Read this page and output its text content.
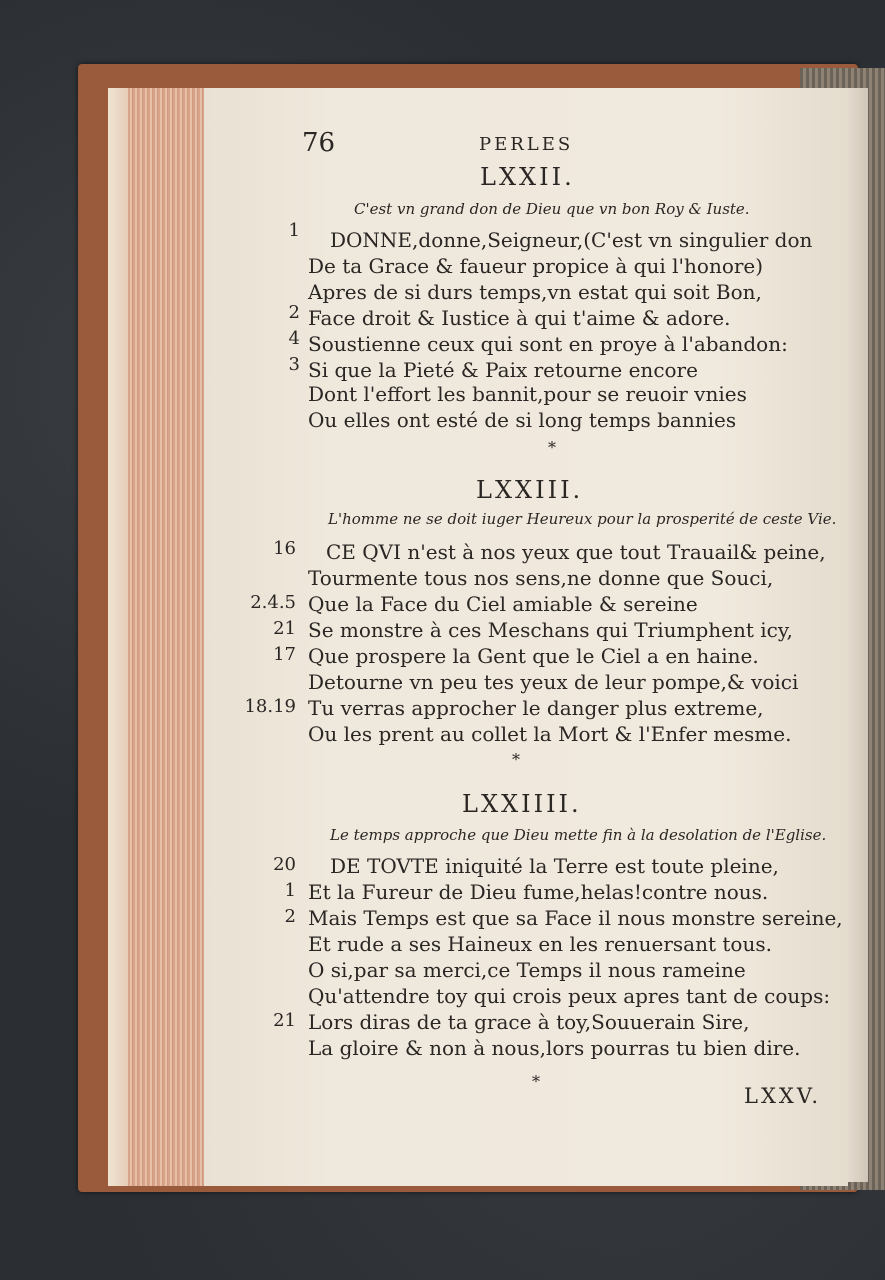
76	PERLES
LXXII.
C'est vn grand don de Dieu que vn bon Roy & Iuste.
1 DONNE,donne,Seigneur,(C'est vn singulier don
De ta Grace & faueur propice à qui l'honore)
Apres de si durs temps,vn estat qui soit Bon,
2 Face droit & Iustice à qui t'aime & adore.
4 Soustienne ceux qui sont en proye à l'abandon:
3 Si que la Pieté & Paix retourne encore
Dont l'effort les bannit,pour se reuoir vnies
Ou elles ont esté de si long temps bannies
*
LXXIII.
L'homme ne se doit iuger Heureux pour la prosperité de ceste Vie.
16 CE QVI n'est à nos yeux que tout Trauail& peine,
Tourmente tous nos sens,ne donne que Souci,
2.4.5 Que la Face du Ciel amiable & sereine
21 Se monstre à ces Meschans qui Triumphent icy,
17 Que prospere la Gent que le Ciel a en haine.
Detourne vn peu tes yeux de leur pompe,& voici
18.19 Tu verras approcher le danger plus extreme,
Ou les prent au collet la Mort & l'Enfer mesme.
*
LXXIIII.
Le temps approche que Dieu mette fin à la desolation de l'Eglise.
20 DE TOVTE iniquité la Terre est toute pleine,
1 Et la Fureur de Dieu fume,helas!contre nous.
2 Mais Temps est que sa Face il nous monstre sereine,
Et rude a ses Haineux en les renuersant tous.
O si,par sa merci,ce Temps il nous rameine
Qu'attendre toy qui crois peux apres tant de coups:
21 Lors diras de ta grace à toy,Souuerain Sire,
La gloire & non à nous,lors pourras tu bien dire.
*
LXXV.
